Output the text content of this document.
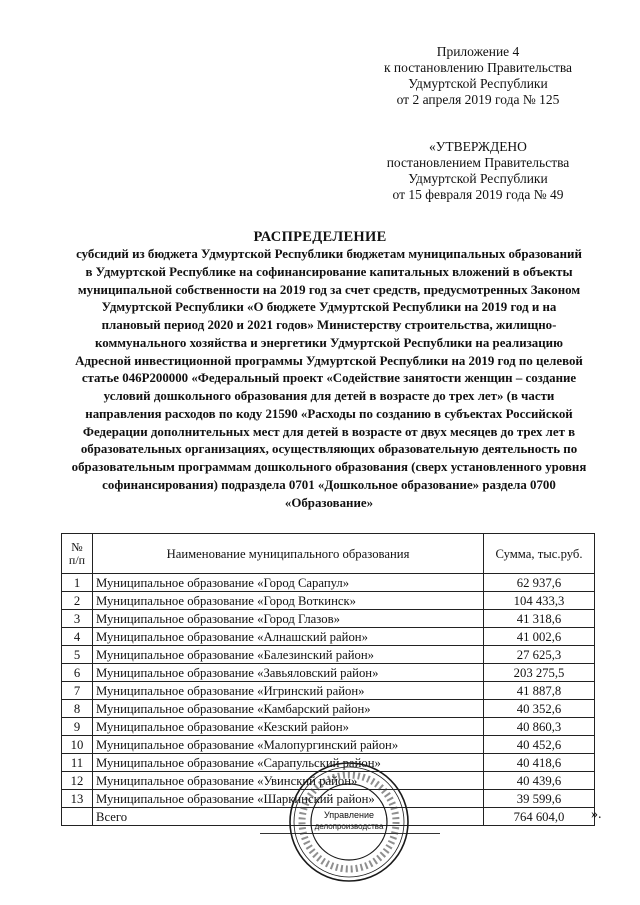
Приложение 4
к постановлению Правительства
Удмуртской Республики
от 2 апреля 2019 года № 125
«УТВЕРЖДЕНО
постановлением Правительства
Удмуртской Республики
от 15 февраля 2019 года № 49
РАСПРЕДЕЛЕНИЕ
субсидий из бюджета Удмуртской Республики бюджетам муниципальных образований
в Удмуртской Республике на софинансирование капитальных вложений в объекты
муниципальной собственности на 2019 год за счет средств, предусмотренных Законом
Удмуртской Республики «О бюджете Удмуртской Республики на 2019 год и на
плановый период 2020 и 2021 годов» Министерству строительства, жилищно-
коммунального хозяйства и энергетики Удмуртской Республики на реализацию
Адресной инвестиционной программы Удмуртской Республики на 2019 год по целевой
статье 046P200000 «Федеральный проект «Содействие занятости женщин – создание
условий дошкольного образования для детей в возрасте до трех лет» (в части
направления расходов по коду 21590 «Расходы по созданию в субъектах Российской
Федерации дополнительных мест для детей в возрасте от двух месяцев до трех лет в
образовательных организациях, осуществляющих образовательную деятельность по
образовательным программам дошкольного образования (сверх установленного уровня
софинансирования) подраздела 0701 «Дошкольное образование» раздела 0700
«Образование»
№
п/п	Наименование муниципального образования	Сумма, тыс.руб.
1	Муниципальное образование «Город Сарапул»	62 937,6
2	Муниципальное образование «Город Воткинск»	104 433,3
3	Муниципальное образование «Город Глазов»	41 318,6
4	Муниципальное образование «Алнашский район»	41 002,6
5	Муниципальное образование «Балезинский район»	27 625,3
6	Муниципальное образование «Завьяловский район»	203 275,5
7	Муниципальное образование «Игринский район»	41 887,8
8	Муниципальное образование «Камбарский район»	40 352,6
9	Муниципальное образование «Кезский район»	40 860,3
10	Муниципальное образование «Малопургинский район»	40 452,6
11	Муниципальное образование «Сарапульский район»	40 418,6
12	Муниципальное образование «Увинский район»	40 439,6
13	Муниципальное образование «Шаркинский район»	39 599,6
	Всего	764 604,0 ».
Управление
делопроизводства
